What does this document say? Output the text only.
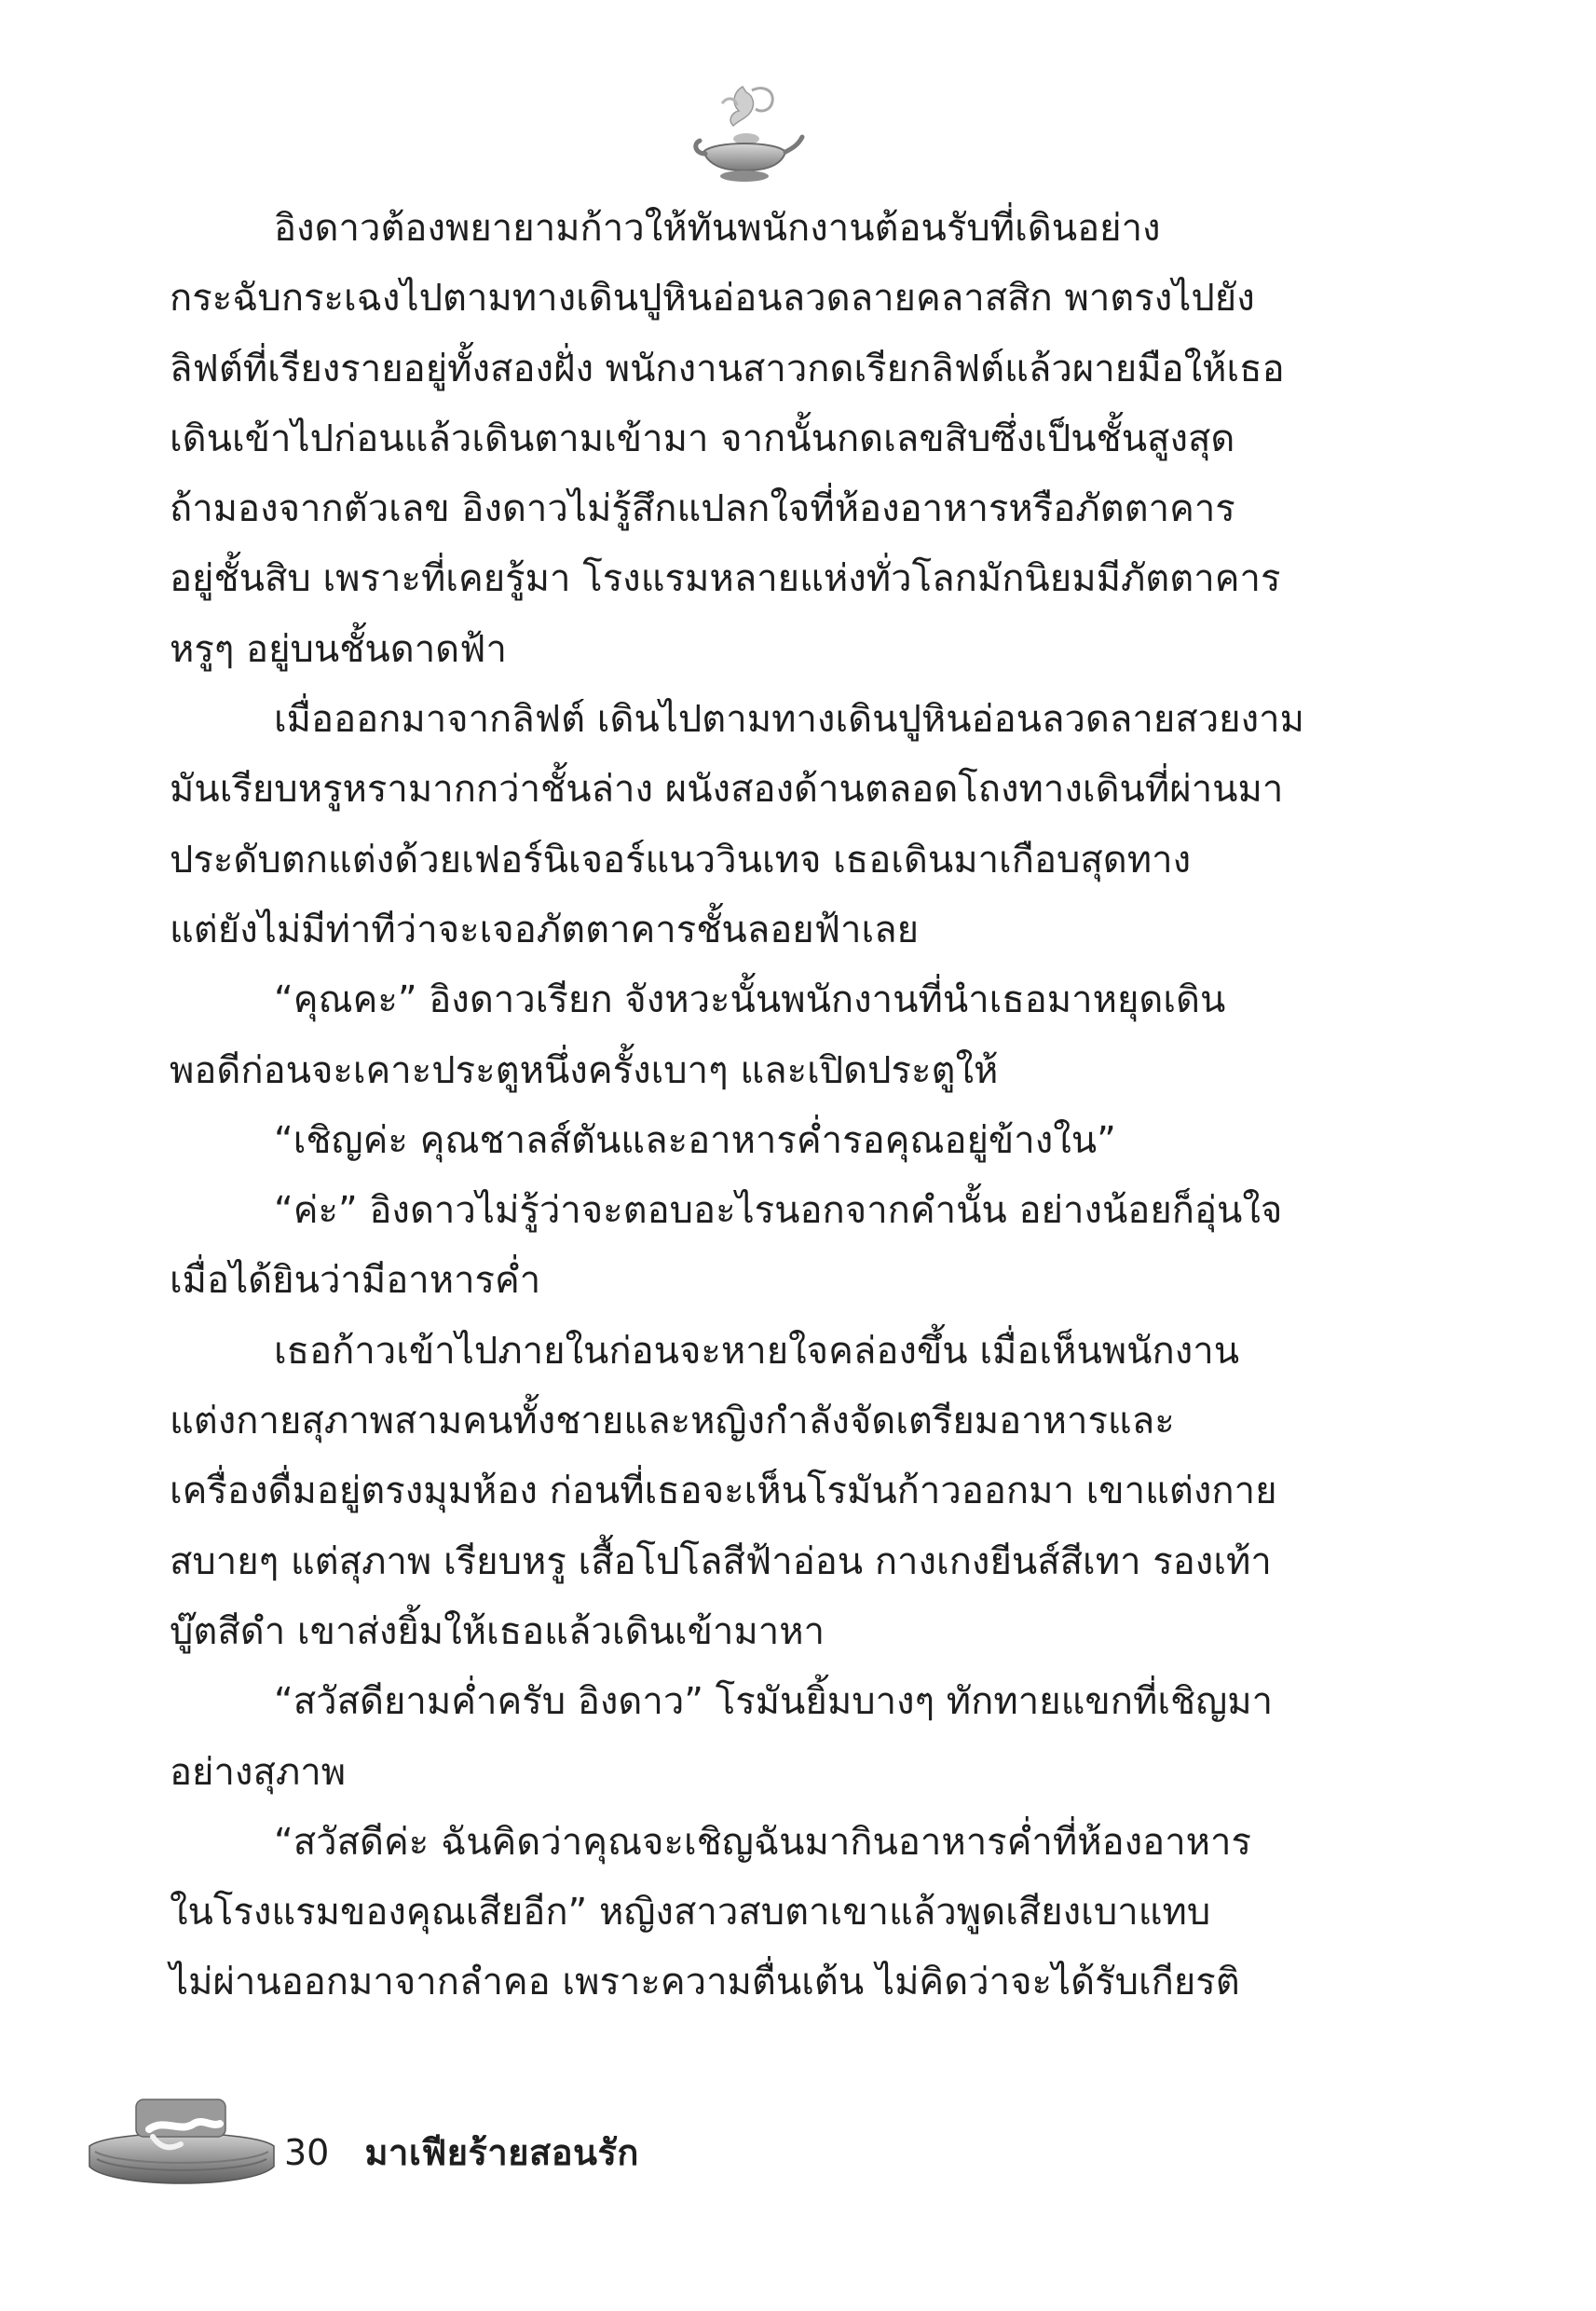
อิงดาวต้องพยายามก้าวให้ทันพนักงานต้อนรับที่เดินอย่าง
กระฉับกระเฉงไปตามทางเดินปูหินอ่อนลวดลายคลาสสิก พาตรงไปยัง
ลิฟต์ที่เรียงรายอยู่ทั้งสองฝั่ง พนักงานสาวกดเรียกลิฟต์แล้วผายมือให้เธอ
เดินเข้าไปก่อนแล้วเดินตามเข้ามา จากนั้นกดเลขสิบซึ่งเป็นชั้นสูงสุด
ถ้ามองจากตัวเลข อิงดาวไม่รู้สึกแปลกใจที่ห้องอาหารหรือภัตตาคาร
อยู่ชั้นสิบ เพราะที่เคยรู้มา โรงแรมหลายแห่งทั่วโลกมักนิยมมีภัตตาคาร
หรูๆ อยู่บนชั้นดาดฟ้า
เมื่อออกมาจากลิฟต์ เดินไปตามทางเดินปูหินอ่อนลวดลายสวยงาม
มันเรียบหรูหรามากกว่าชั้นล่าง ผนังสองด้านตลอดโถงทางเดินที่ผ่านมา
ประดับตกแต่งด้วยเฟอร์นิเจอร์แนววินเทจ เธอเดินมาเกือบสุดทาง
แต่ยังไม่มีท่าทีว่าจะเจอภัตตาคารชั้นลอยฟ้าเลย
“คุณคะ” อิงดาวเรียก จังหวะนั้นพนักงานที่นำเธอมาหยุดเดิน
พอดีก่อนจะเคาะประตูหนึ่งครั้งเบาๆ และเปิดประตูให้
“เชิญค่ะ คุณชาลส์ตันและอาหารค่ำรอคุณอยู่ข้างใน”
“ค่ะ” อิงดาวไม่รู้ว่าจะตอบอะไรนอกจากคำนั้น อย่างน้อยก็อุ่นใจ
เมื่อได้ยินว่ามีอาหารค่ำ
เธอก้าวเข้าไปภายในก่อนจะหายใจคล่องขึ้น เมื่อเห็นพนักงาน
แต่งกายสุภาพสามคนทั้งชายและหญิงกำลังจัดเตรียมอาหารและ
เครื่องดื่มอยู่ตรงมุมห้อง ก่อนที่เธอจะเห็นโรมันก้าวออกมา เขาแต่งกาย
สบายๆ แต่สุภาพ เรียบหรู เสื้อโปโลสีฟ้าอ่อน กางเกงยีนส์สีเทา รองเท้า
บู๊ตสีดำ เขาส่งยิ้มให้เธอแล้วเดินเข้ามาหา
“สวัสดียามค่ำครับ อิงดาว” โรมันยิ้มบางๆ ทักทายแขกที่เชิญมา
อย่างสุภาพ
“สวัสดีค่ะ ฉันคิดว่าคุณจะเชิญฉันมากินอาหารค่ำที่ห้องอาหาร
ในโรงแรมของคุณเสียอีก” หญิงสาวสบตาเขาแล้วพูดเสียงเบาแทบ
ไม่ผ่านออกมาจากลำคอ เพราะความตื่นเต้น ไม่คิดว่าจะได้รับเกียรติ
30 มาเฟียร้ายสอนรัก
